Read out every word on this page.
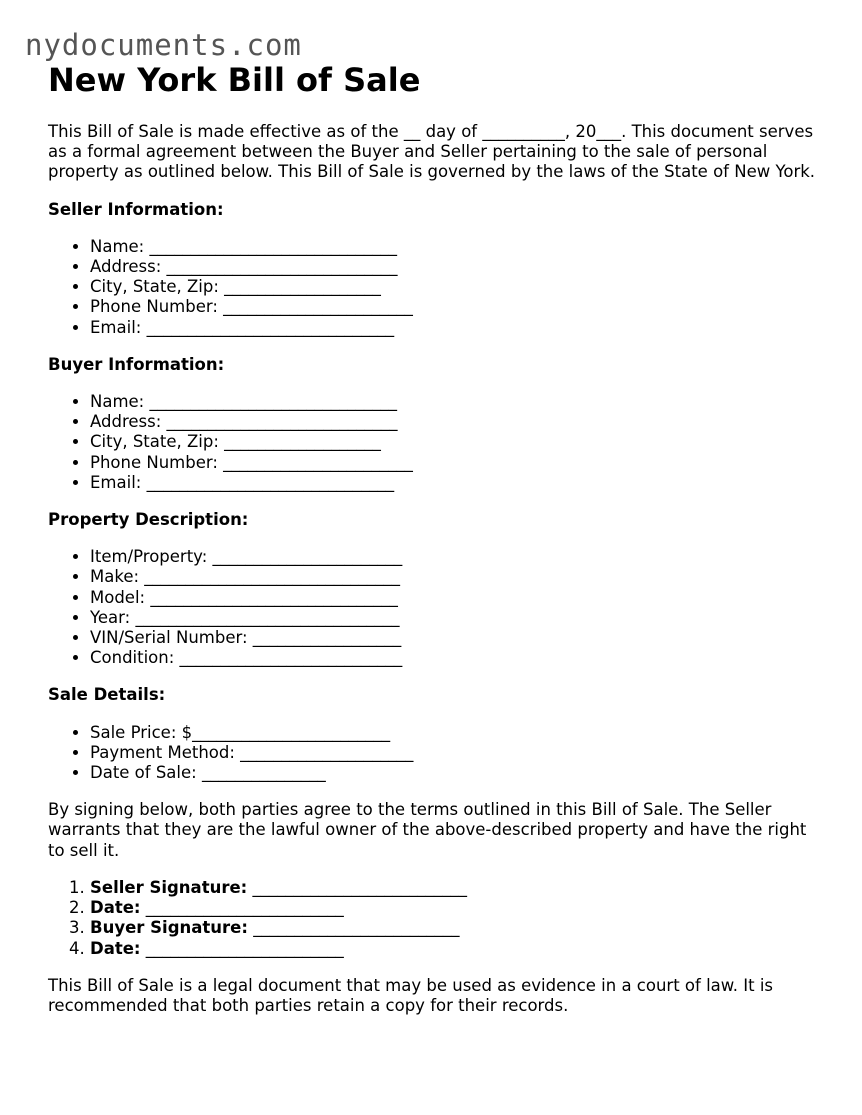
nydocuments.com
New York Bill of Sale

This Bill of Sale is made effective as of the __ day of __________, 20___. This document serves as a formal agreement between the Buyer and Seller pertaining to the sale of personal property as outlined below. This Bill of Sale is governed by the laws of the State of New York.

Seller Information:
• Name: ______________________________
• Address: ____________________________
• City, State, Zip: ___________________
• Phone Number: _______________________
• Email: ______________________________
Buyer Information:
• Name: ______________________________
• Address: ____________________________
• City, State, Zip: ___________________
• Phone Number: _______________________
• Email: ______________________________
Property Description:
• Item/Property: _______________________
• Make: _______________________________
• Model: ______________________________
• Year: ________________________________
• VIN/Serial Number: __________________
• Condition: ___________________________
Sale Details:
• Sale Price: $________________________
• Payment Method: _____________________
• Date of Sale: _______________

By signing below, both parties agree to the terms outlined in this Bill of Sale. The Seller warrants that they are the lawful owner of the above-described property and have the right to sell it.

1. Seller Signature: __________________________
2. Date: ________________________
3. Buyer Signature: _________________________
4. Date: ________________________

This Bill of Sale is a legal document that may be used as evidence in a court of law. It is recommended that both parties retain a copy for their records.
